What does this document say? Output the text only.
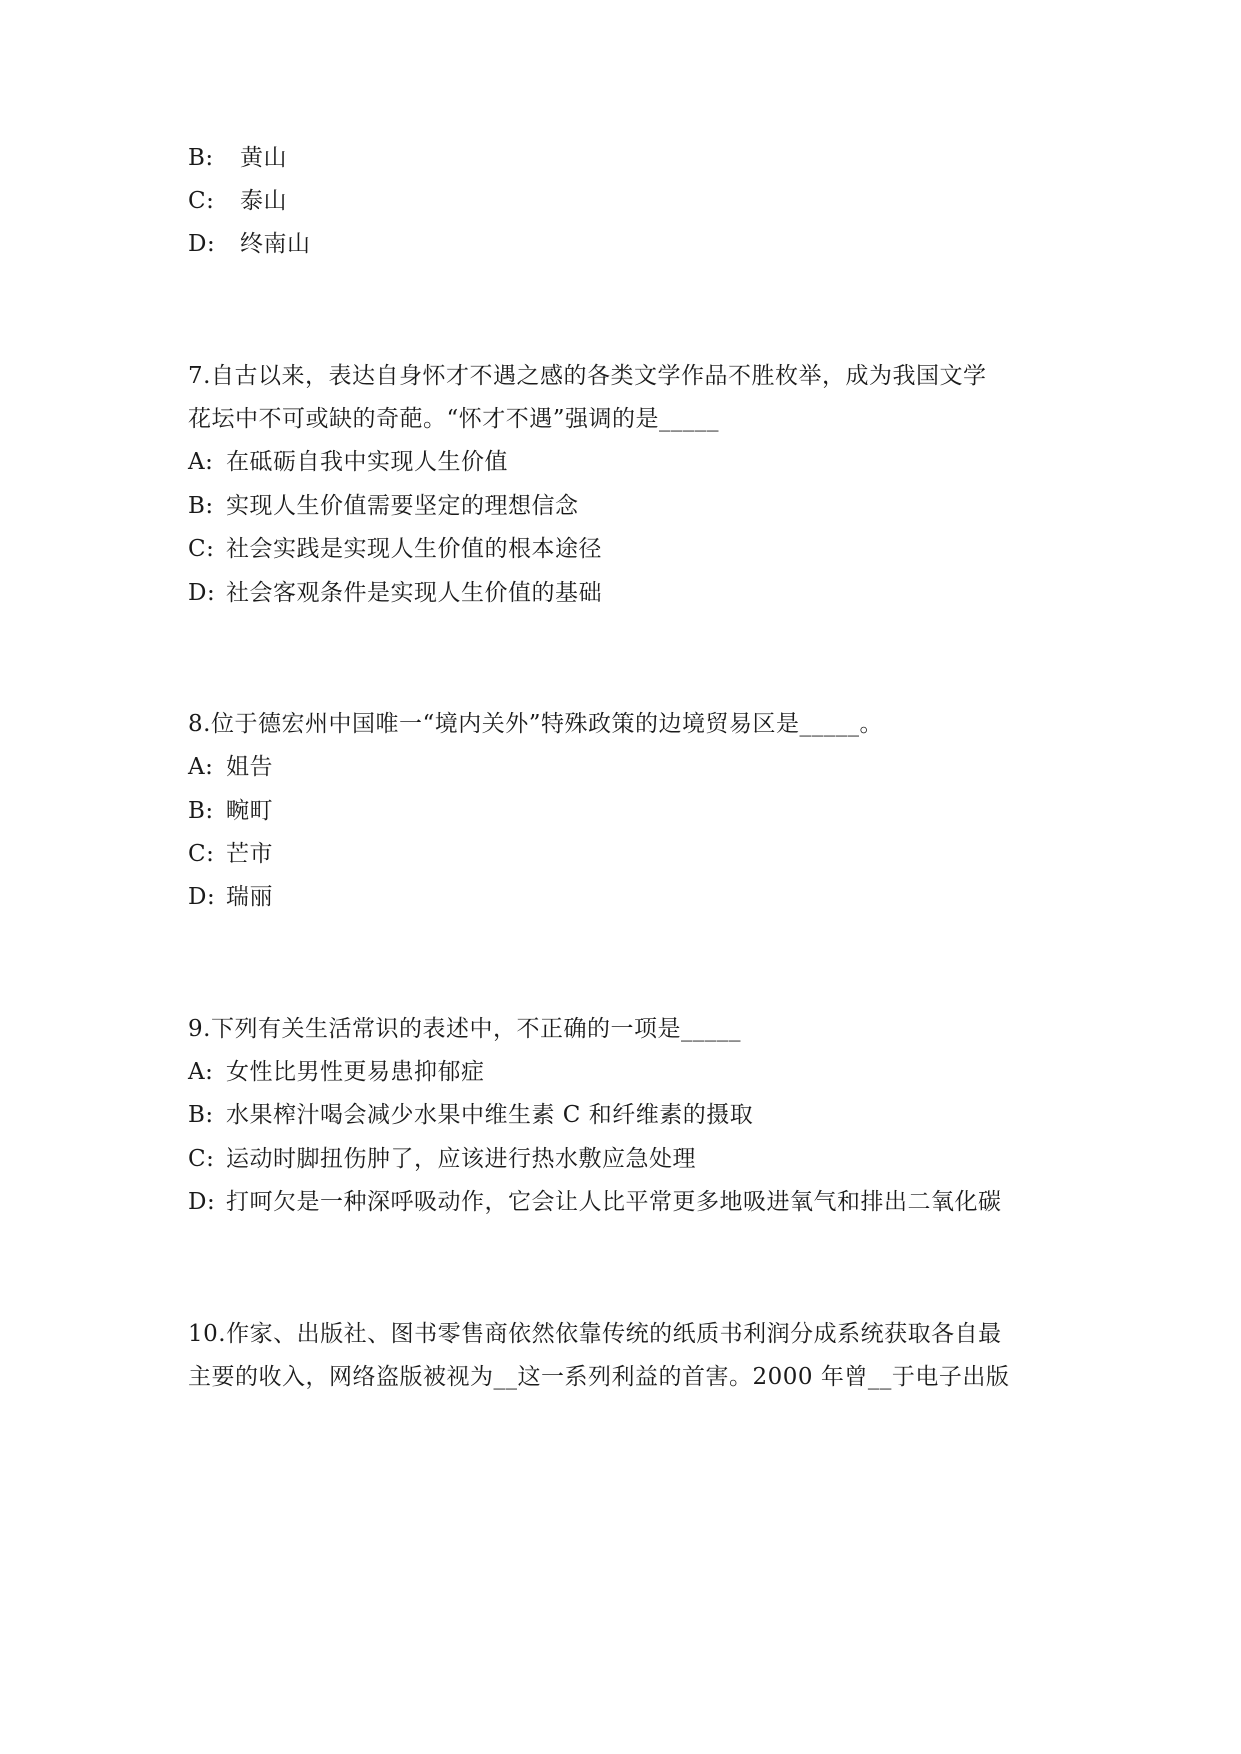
B: 黄山
C: 泰山
D: 终南山
7.自古以来，表达自身怀才不遇之感的各类文学作品不胜枚举，成为我国文学
花坛中不可或缺的奇葩。“怀才不遇”强调的是_____
A: 在砥砺自我中实现人生价值
B: 实现人生价值需要坚定的理想信念
C: 社会实践是实现人生价值的根本途径
D: 社会客观条件是实现人生价值的基础
8.位于德宏州中国唯一“境内关外”特殊政策的边境贸易区是_____。
A: 姐告
B: 畹町
C: 芒市
D: 瑞丽
9.下列有关生活常识的表述中，不正确的一项是_____
A: 女性比男性更易患抑郁症
B: 水果榨汁喝会减少水果中维生素 C 和纤维素的摄取
C: 运动时脚扭伤肿了，应该进行热水敷应急处理
D: 打呵欠是一种深呼吸动作，它会让人比平常更多地吸进氧气和排出二氧化碳
10.作家、出版社、图书零售商依然依靠传统的纸质书利润分成系统获取各自最
主要的收入，网络盗版被视为__这一系列利益的首害。2000 年曾__于电子出版
